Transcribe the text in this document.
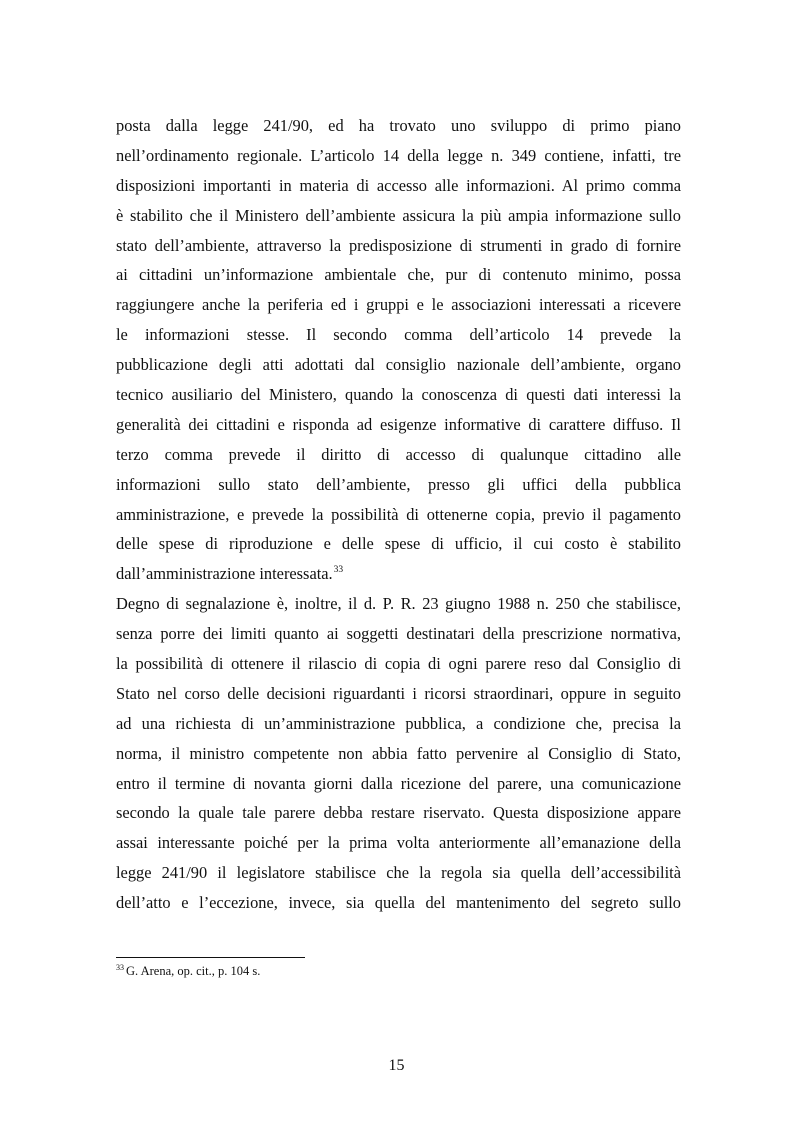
posta dalla legge 241/90, ed ha trovato uno sviluppo di primo piano
nell’ordinamento regionale. L’articolo 14 della legge n. 349 contiene, infatti, tre
disposizioni importanti in materia di accesso alle informazioni. Al primo comma
è stabilito che il Ministero dell’ambiente assicura la più ampia informazione sullo
stato dell’ambiente, attraverso la predisposizione di strumenti in grado di fornire
ai cittadini un’informazione ambientale che, pur di contenuto minimo, possa
raggiungere anche la periferia ed i gruppi e le associazioni interessati a ricevere
le informazioni stesse. Il secondo comma dell’articolo 14 prevede la
pubblicazione degli atti adottati dal consiglio nazionale dell’ambiente, organo
tecnico ausiliario del Ministero, quando la conoscenza di questi dati interessi la
generalità dei cittadini e risponda ad esigenze informative di carattere diffuso. Il
terzo comma prevede il diritto di accesso di qualunque cittadino alle
informazioni sullo stato dell’ambiente, presso gli uffici della pubblica
amministrazione, e prevede la possibilità di ottenerne copia, previo il pagamento
delle spese di riproduzione e delle spese di ufficio, il cui costo è stabilito
dall’amministrazione interessata.$^{33}$
Degno di segnalazione è, inoltre, il d. P. R. 23 giugno 1988 n. 250 che stabilisce,
senza porre dei limiti quanto ai soggetti destinatari della prescrizione normativa,
la possibilità di ottenere il rilascio di copia di ogni parere reso dal Consiglio di
Stato nel corso delle decisioni riguardanti i ricorsi straordinari, oppure in seguito
ad una richiesta di un’amministrazione pubblica, a condizione che, precisa la
norma, il ministro competente non abbia fatto pervenire al Consiglio di Stato,
entro il termine di novanta giorni dalla ricezione del parere, una comunicazione
secondo la quale tale parere debba restare riservato. Questa disposizione appare
assai interessante poiché per la prima volta anteriormente all’emanazione della
legge 241/90 il legislatore stabilisce che la regola sia quella dell’accessibilità
dell’atto e l’eccezione, invece, sia quella del mantenimento del segreto sullo
$^{33}$ G. Arena, op. cit., p. 104 s.
15
